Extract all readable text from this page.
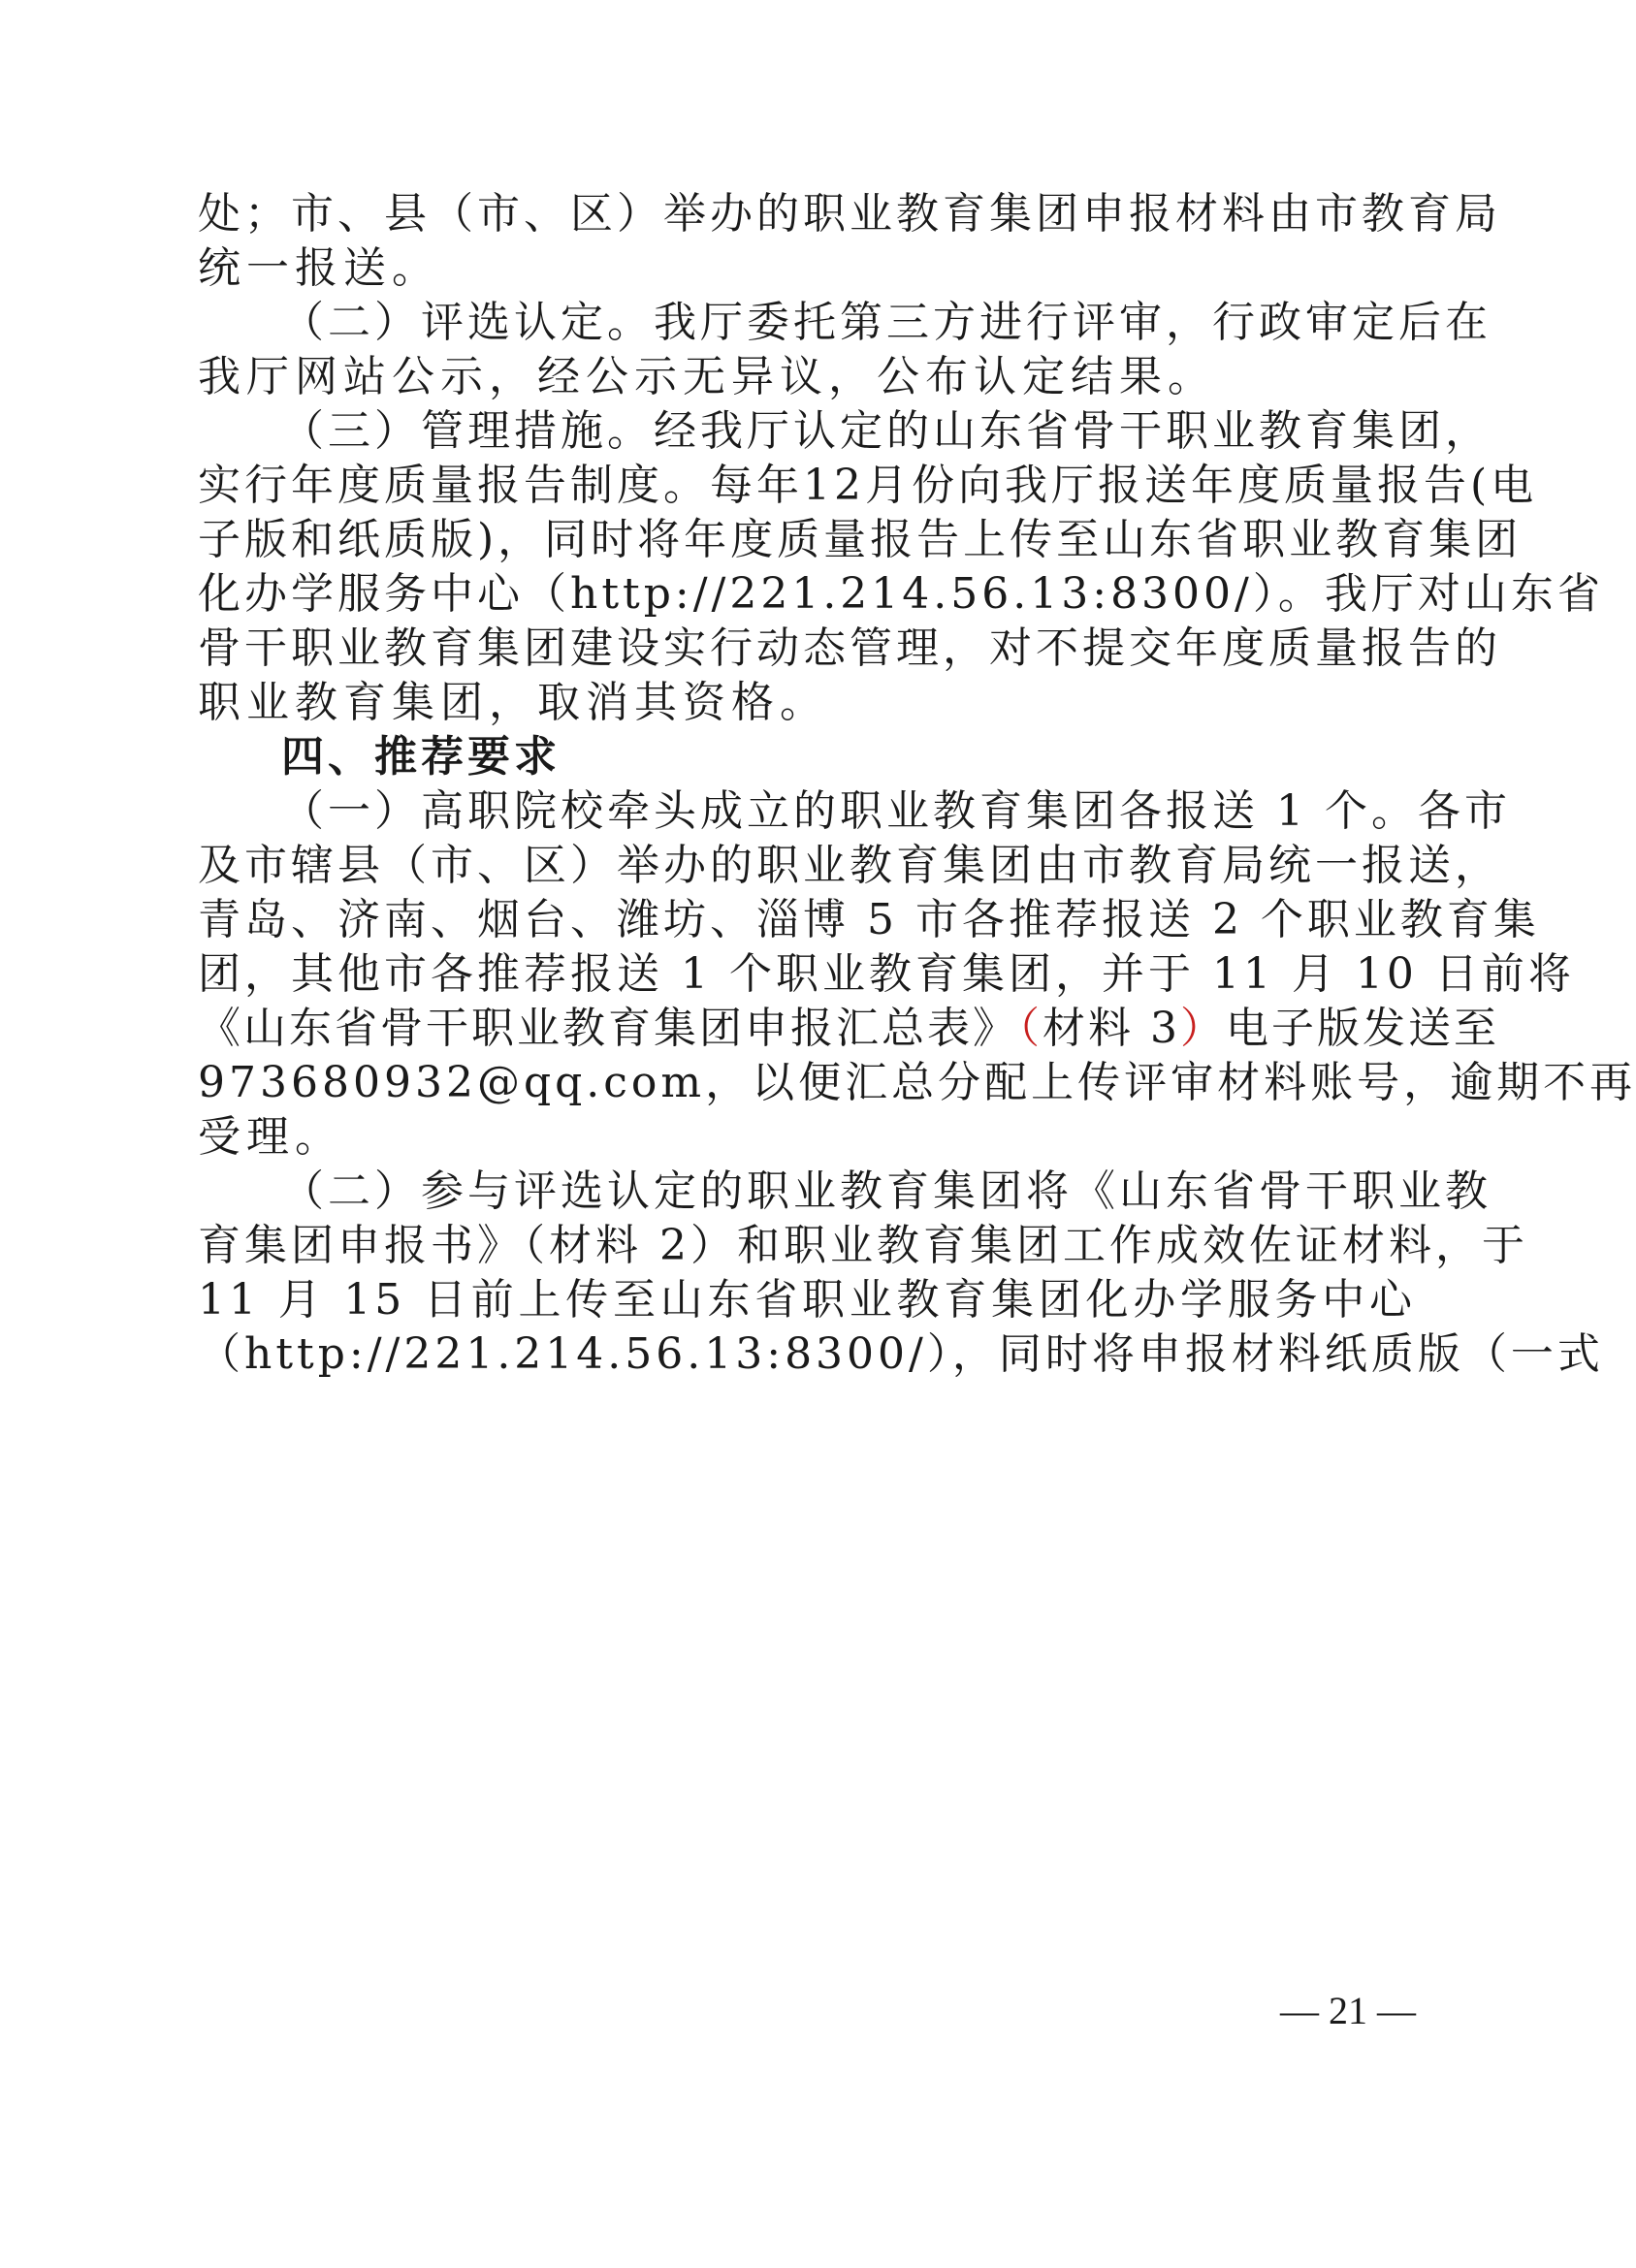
处；市、县（市、区）举办的职业教育集团申报材料由市教育局
统一报送。
（二）评选认定。我厅委托第三方进行评审，行政审定后在
我厅网站公示，经公示无异议，公布认定结果。
（三）管理措施。经我厅认定的山东省骨干职业教育集团，
实行年度质量报告制度。每年12月份向我厅报送年度质量报告(电
子版和纸质版)，同时将年度质量报告上传至山东省职业教育集团
化办学服务中心（http://221.214.56.13:8300/）。我厅对山东省
骨干职业教育集团建设实行动态管理，对不提交年度质量报告的
职业教育集团，取消其资格。
四、推荐要求
（一）高职院校牵头成立的职业教育集团各报送 1 个。各市
及市辖县（市、区）举办的职业教育集团由市教育局统一报送，
青岛、济南、烟台、潍坊、淄博 5 市各推荐报送 2 个职业教育集
团，其他市各推荐报送 1 个职业教育集团，并于 11 月 10 日前将
《山东省骨干职业教育集团申报汇总表》（材料 3）电子版发送至
973680932@qq.com，以便汇总分配上传评审材料账号，逾期不再
受理。
（二）参与评选认定的职业教育集团将《山东省骨干职业教
育集团申报书》（材料 2）和职业教育集团工作成效佐证材料，于
11 月 15 日前上传至山东省职业教育集团化办学服务中心
（http://221.214.56.13:8300/），同时将申报材料纸质版（一式
— 21 —
